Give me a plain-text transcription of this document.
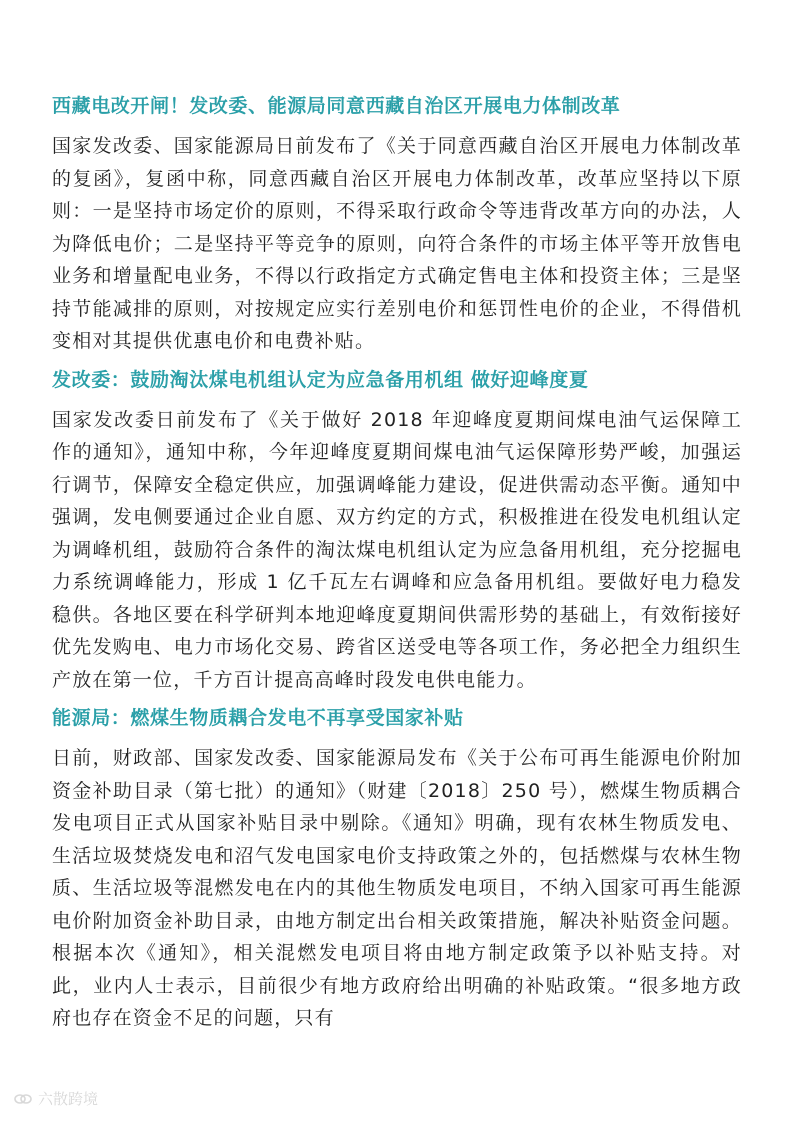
西藏电改开闸！发改委、能源局同意西藏自治区开展电力体制改革

国家发改委、国家能源局日前发布了《关于同意西藏自治区开展电力体制改革的复函》，复函中称，同意西藏自治区开展电力体制改革，改革应坚持以下原则：一是坚持市场定价的原则，不得采取行政命令等违背改革方向的办法，人为降低电价；二是坚持平等竞争的原则，向符合条件的市场主体平等开放售电业务和增量配电业务，不得以行政指定方式确定售电主体和投资主体；三是坚持节能减排的原则，对按规定应实行差别电价和惩罚性电价的企业，不得借机变相对其提供优惠电价和电费补贴。

发改委：鼓励淘汰煤电机组认定为应急备用机组 做好迎峰度夏

国家发改委日前发布了《关于做好 2018 年迎峰度夏期间煤电油气运保障工作的通知》，通知中称，今年迎峰度夏期间煤电油气运保障形势严峻，加强运行调节，保障安全稳定供应，加强调峰能力建设，促进供需动态平衡。通知中强调，发电侧要通过企业自愿、双方约定的方式，积极推进在役发电机组认定为调峰机组，鼓励符合条件的淘汰煤电机组认定为应急备用机组，充分挖掘电力系统调峰能力，形成 1 亿千瓦左右调峰和应急备用机组。要做好电力稳发稳供。各地区要在科学研判本地迎峰度夏期间供需形势的基础上，有效衔接好优先发购电、电力市场化交易、跨省区送受电等各项工作，务必把全力组织生产放在第一位，千方百计提高高峰时段发电供电能力。

能源局：燃煤生物质耦合发电不再享受国家补贴

日前，财政部、国家发改委、国家能源局发布《关于公布可再生能源电价附加资金补助目录（第七批）的通知》（财建〔2018〕250 号），燃煤生物质耦合发电项目正式从国家补贴目录中剔除。《通知》明确，现有农林生物质发电、生活垃圾焚烧发电和沼气发电国家电价支持政策之外的，包括燃煤与农林生物质、生活垃圾等混燃发电在内的其他生物质发电项目，不纳入国家可再生能源电价附加资金补助目录，由地方制定出台相关政策措施，解决补贴资金问题。根据本次《通知》，相关混燃发电项目将由地方制定政策予以补贴支持。对此，业内人士表示，目前很少有地方政府给出明确的补贴政策。“很多地方政府也存在资金不足的问题，只有

六散跨境
